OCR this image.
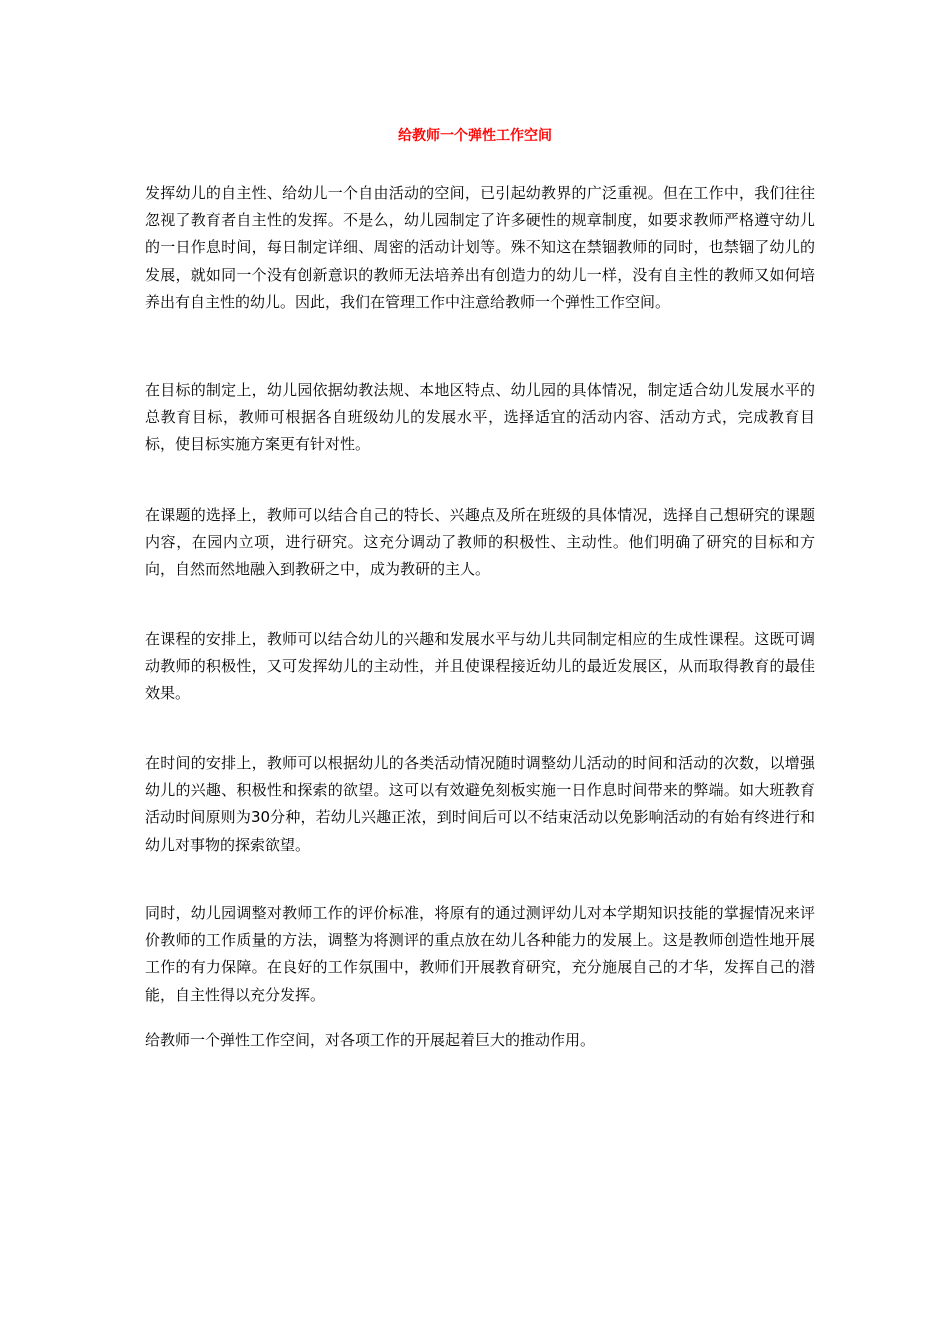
给教师一个弹性工作空间

发挥幼儿的自主性、给幼儿一个自由活动的空间，已引起幼教界的广泛重视。但在工作中，我们往往忽视了教育者自主性的发挥。不是么，幼儿园制定了许多硬性的规章制度，如要求教师严格遵守幼儿的一日作息时间，每日制定详细、周密的活动计划等。殊不知这在禁锢教师的同时，也禁锢了幼儿的发展，就如同一个没有创新意识的教师无法培养出有创造力的幼儿一样，没有自主性的教师又如何培养出有自主性的幼儿。因此，我们在管理工作中注意给教师一个弹性工作空间。

在目标的制定上，幼儿园依据幼教法规、本地区特点、幼儿园的具体情况，制定适合幼儿发展水平的总教育目标，教师可根据各自班级幼儿的发展水平，选择适宜的活动内容、活动方式，完成教育目标，使目标实施方案更有针对性。

在课题的选择上，教师可以结合自己的特长、兴趣点及所在班级的具体情况，选择自己想研究的课题内容，在园内立项，进行研究。这充分调动了教师的积极性、主动性。他们明确了研究的目标和方向，自然而然地融入到教研之中，成为教研的主人。

在课程的安排上，教师可以结合幼儿的兴趣和发展水平与幼儿共同制定相应的生成性课程。这既可调动教师的积极性，又可发挥幼儿的主动性，并且使课程接近幼儿的最近发展区，从而取得教育的最佳效果。

在时间的安排上，教师可以根据幼儿的各类活动情况随时调整幼儿活动的时间和活动的次数，以增强幼儿的兴趣、积极性和探索的欲望。这可以有效避免刻板实施一日作息时间带来的弊端。如大班教育活动时间原则为30分种，若幼儿兴趣正浓，到时间后可以不结束活动以免影响活动的有始有终进行和幼儿对事物的探索欲望。

同时，幼儿园调整对教师工作的评价标准，将原有的通过测评幼儿对本学期知识技能的掌握情况来评价教师的工作质量的方法，调整为将测评的重点放在幼儿各种能力的发展上。这是教师创造性地开展工作的有力保障。在良好的工作氛围中，教师们开展教育研究，充分施展自己的才华，发挥自己的潜能，自主性得以充分发挥。

给教师一个弹性工作空间，对各项工作的开展起着巨大的推动作用。
